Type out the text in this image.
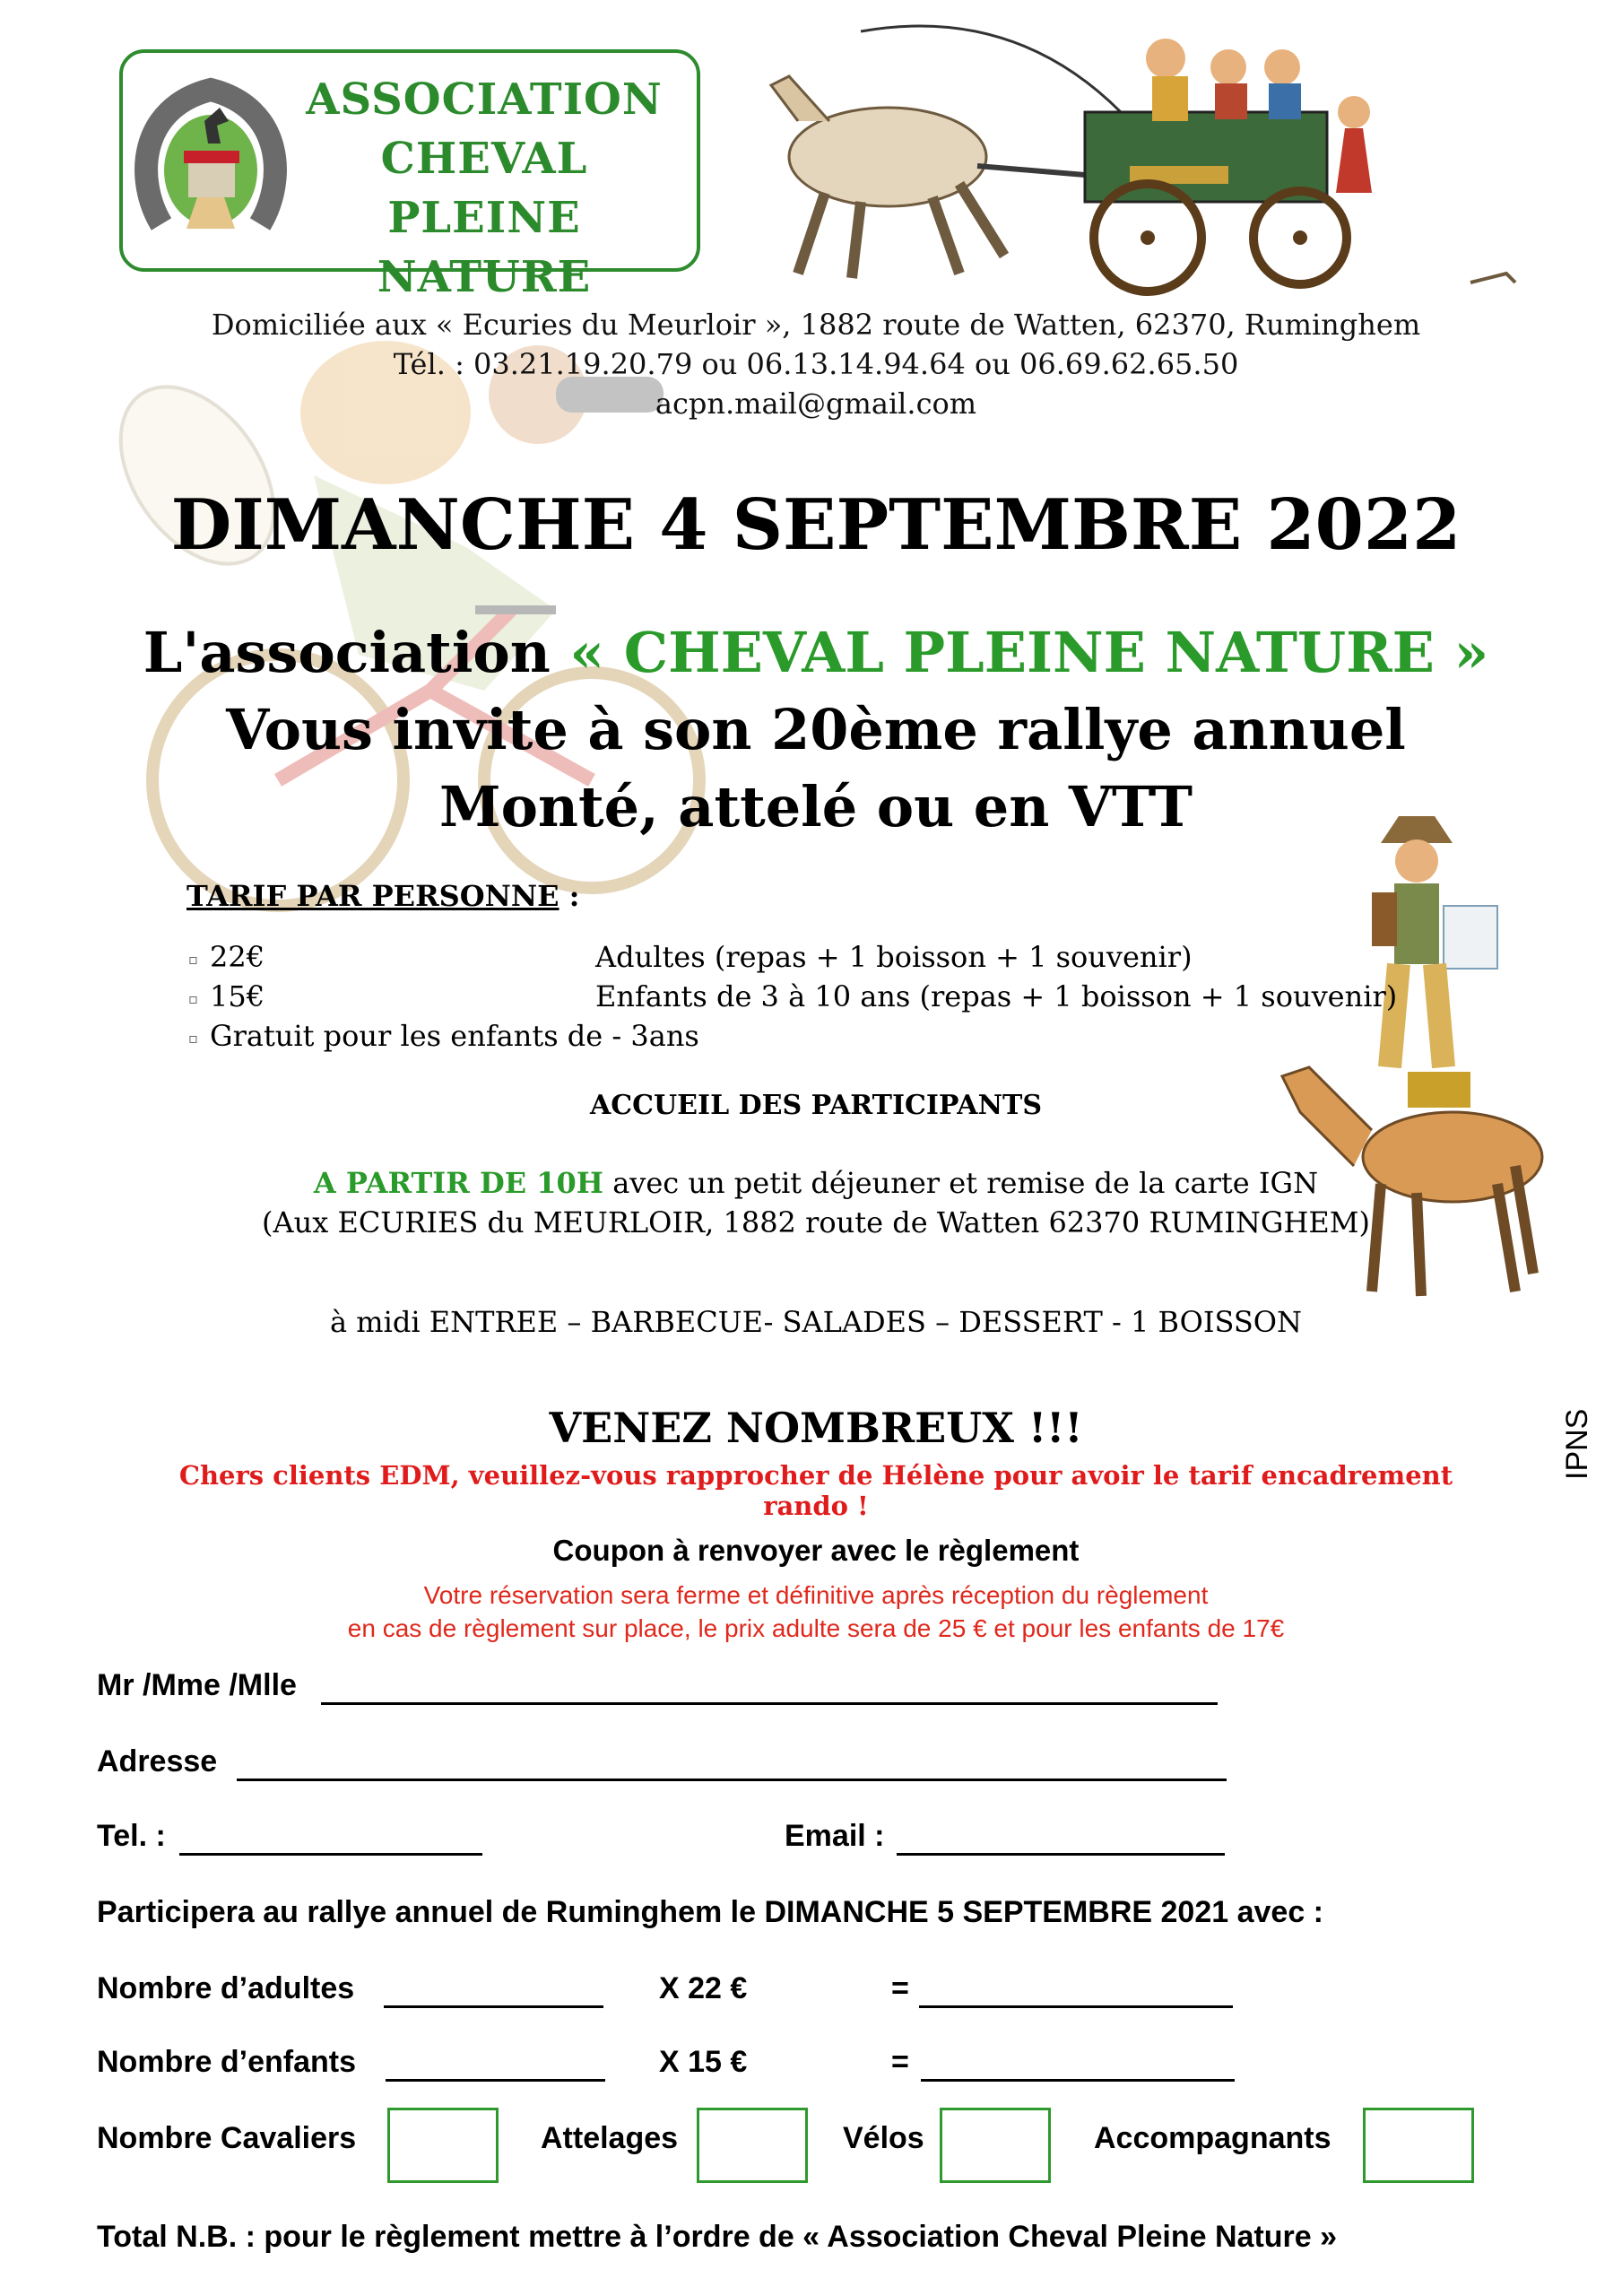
ASSOCIATION
CHEVAL
PLEINE NATURE
Domiciliée aux « Ecuries du Meurloir », 1882 route de Watten, 62370, Ruminghem
Tél. : 03.21.19.20.79 ou 06.13.14.94.64 ou 06.69.62.65.50
acpn.mail@gmail.com
DIMANCHE 4 SEPTEMBRE 2022
L'association « CHEVAL PLEINE NATURE »
Vous invite à son 20ème rallye annuel
Monté, attelé ou en VTT
TARIF PAR PERSONNE :
▫ 22€	Adultes (repas + 1 boisson + 1 souvenir)
▫ 15€	Enfants de 3 à 10 ans (repas + 1 boisson + 1 souvenir)
▫ Gratuit pour les enfants de - 3ans
ACCUEIL DES PARTICIPANTS
A PARTIR DE 10H avec un petit déjeuner et remise de la carte IGN
(Aux ECURIES du MEURLOIR, 1882 route de Watten 62370 RUMINGHEM)
à midi ENTREE – BARBECUE- SALADES – DESSERT - 1 BOISSON
VENEZ NOMBREUX !!!
Chers clients EDM, veuillez-vous rapprocher de Hélène pour avoir le tarif encadrement rando !
IPNS
Coupon à renvoyer avec le règlement
Votre réservation sera ferme et définitive après réception du règlement
en cas de règlement sur place, le prix adulte sera de 25 € et pour les enfants de 17€
Mr /Mme /Mlle
Adresse
Tel. :	Email :
Participera au rallye annuel de Ruminghem le DIMANCHE 5 SEPTEMBRE 2021 avec :
Nombre d’adultes	X 22 €	=
Nombre d’enfants	X 15 €	=
Nombre Cavaliers	Attelages	Vélos	Accompagnants
Total N.B. : pour le règlement mettre à l’ordre de « Association Cheval Pleine Nature »
